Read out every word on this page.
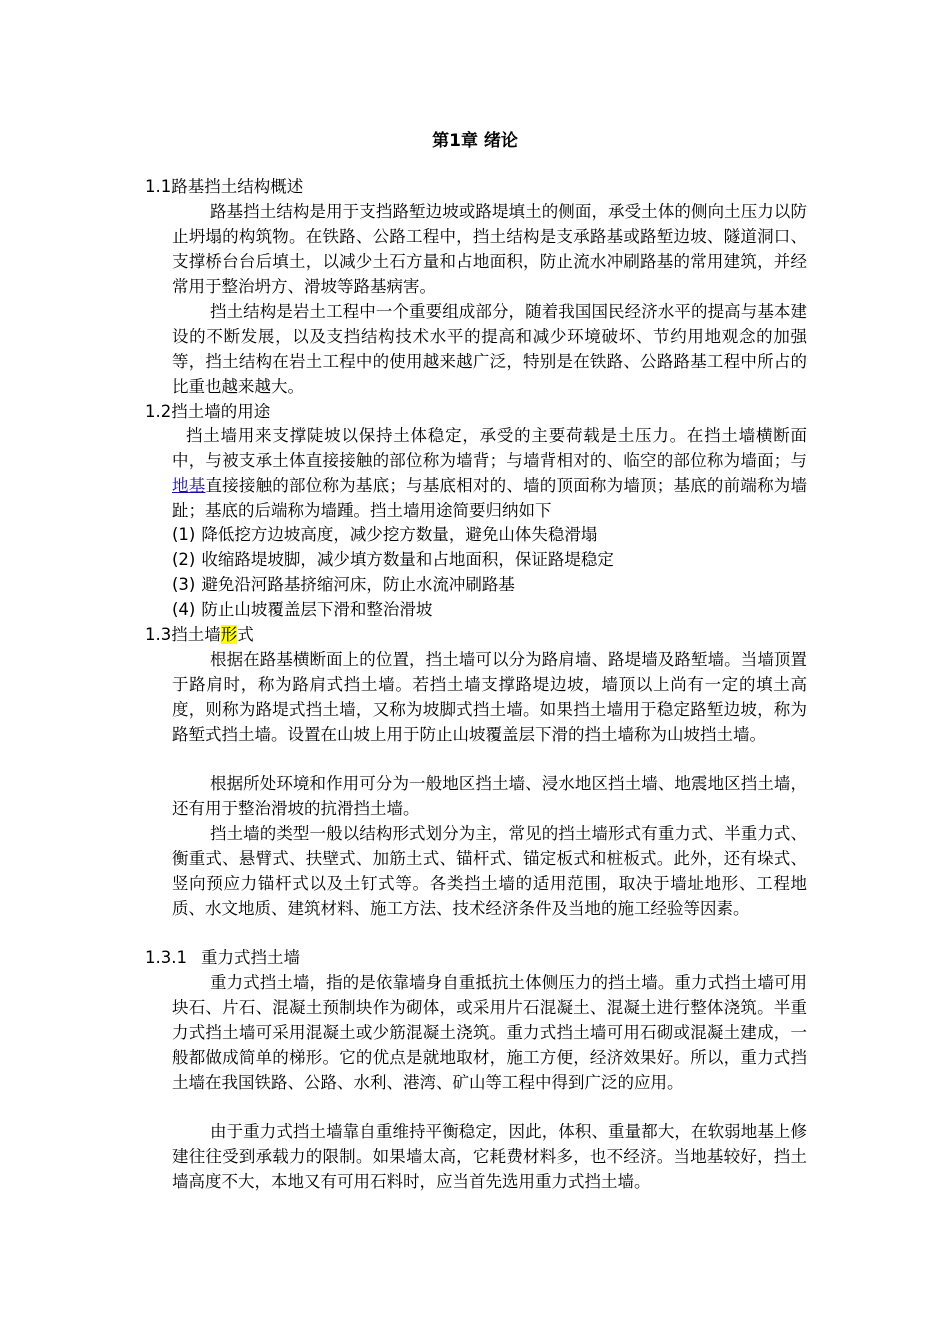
第1章 绪论
1.1路基挡土结构概述
路基挡土结构是用于支挡路堑边坡或路堤填土的侧面，承受土体的侧向土压力以防止坍塌的构筑物。在铁路、公路工程中，挡土结构是支承路基或路堑边坡、隧道洞口、支撑桥台台后填土，以减少土石方量和占地面积，防止流水冲刷路基的常用建筑，并经常用于整治坍方、滑坡等路基病害。
挡土结构是岩土工程中一个重要组成部分，随着我国国民经济水平的提高与基本建设的不断发展，以及支挡结构技术水平的提高和减少环境破坏、节约用地观念的加强等，挡土结构在岩土工程中的使用越来越广泛，特别是在铁路、公路路基工程中所占的比重也越来越大。
1.2挡土墙的用途
挡土墙用来支撑陡坡以保持土体稳定，承受的主要荷载是土压力。在挡土墙横断面中，与被支承土体直接接触的部位称为墙背；与墙背相对的、临空的部位称为墙面；与地基直接接触的部位称为基底；与基底相对的、墙的顶面称为墙顶；基底的前端称为墙趾；基底的后端称为墙踵。挡土墙用途简要归纳如下
(1) 降低挖方边坡高度，减少挖方数量，避免山体失稳滑塌
(2) 收缩路堤坡脚，减少填方数量和占地面积，保证路堤稳定
(3) 避免沿河路基挤缩河床，防止水流冲刷路基
(4) 防止山坡覆盖层下滑和整治滑坡
1.3挡土墙形式
根据在路基横断面上的位置，挡土墙可以分为路肩墙、路堤墙及路堑墙。当墙顶置于路肩时，称为路肩式挡土墙。若挡土墙支撑路堤边坡，墙顶以上尚有一定的填土高度，则称为路堤式挡土墙，又称为坡脚式挡土墙。如果挡土墙用于稳定路堑边坡，称为路堑式挡土墙。设置在山坡上用于防止山坡覆盖层下滑的挡土墙称为山坡挡土墙。
根据所处环境和作用可分为一般地区挡土墙、浸水地区挡土墙、地震地区挡土墙，还有用于整治滑坡的抗滑挡土墙。
挡土墙的类型一般以结构形式划分为主，常见的挡土墙形式有重力式、半重力式、衡重式、悬臂式、扶壁式、加筋土式、锚杆式、锚定板式和桩板式。此外，还有垛式、竖向预应力锚杆式以及土钉式等。各类挡土墙的适用范围，取决于墙址地形、工程地质、水文地质、建筑材料、施工方法、技术经济条件及当地的施工经验等因素。
1.3.1 重力式挡土墙
重力式挡土墙，指的是依靠墙身自重抵抗土体侧压力的挡土墙。重力式挡土墙可用块石、片石、混凝土预制块作为砌体，或采用片石混凝土、混凝土进行整体浇筑。半重力式挡土墙可采用混凝土或少筋混凝土浇筑。重力式挡土墙可用石砌或混凝土建成，一般都做成简单的梯形。它的优点是就地取材，施工方便，经济效果好。所以，重力式挡土墙在我国铁路、公路、水利、港湾、矿山等工程中得到广泛的应用。
由于重力式挡土墙靠自重维持平衡稳定，因此，体积、重量都大，在软弱地基上修建往往受到承载力的限制。如果墙太高，它耗费材料多，也不经济。当地基较好，挡土墙高度不大，本地又有可用石料时，应当首先选用重力式挡土墙。
